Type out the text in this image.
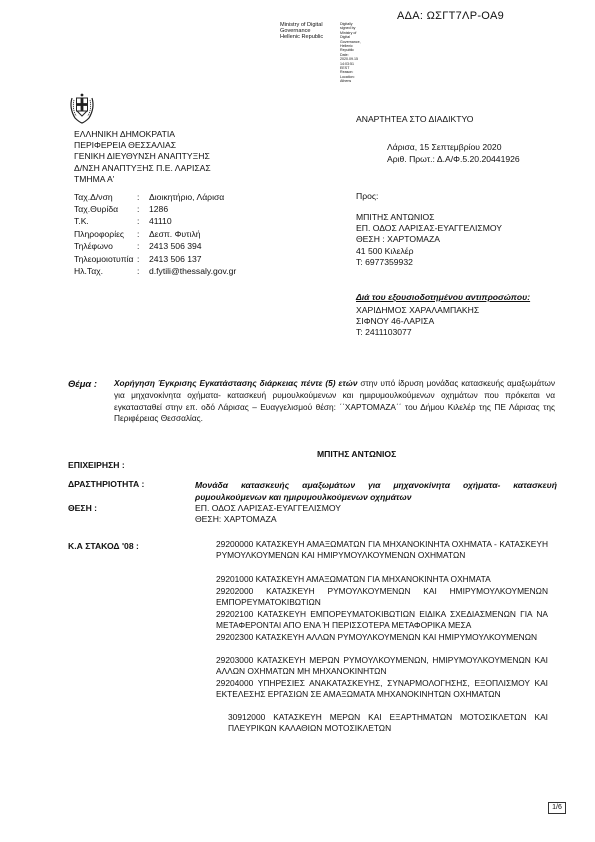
ΑΔΑ: ΩΣΓΤ7ΛΡ-ΟΑ9
Ministry of Digital
Governance
Hellenic Republic
Digitally signed by
Ministry of Digital
Governance,
Hellenic Republic
Date: 2020.09.15
14:03:51 EEST
Reason:
Location: Athens
ΑΝΑΡΤΗΤΕΑ ΣΤΟ ΔΙΑΔΙΚΤΥΟ
ΕΛΛΗΝΙΚΗ ΔΗΜΟΚΡΑΤΙΑ
ΠΕΡΙΦΕΡΕΙΑ ΘΕΣΣΑΛΙΑΣ
ΓΕΝΙΚΗ ΔΙΕΥΘΥΝΣΗ ΑΝΑΠΤΥΞΗΣ
Δ/ΝΣΗ ΑΝΑΠΤΥΞΗΣ Π.Ε. ΛΑΡΙΣΑΣ
ΤΜΗΜΑ Α'
Λάρισα, 15 Σεπτεμβρίου 2020
Αριθ. Πρωτ.: Δ.Α/Φ.5.20.20441926
Ταχ.Δ/νση	:	Διοικητήριο, Λάρισα
Ταχ.Θυρίδα	:	1286
Τ.Κ.	:	41110
Πληροφορίες	:	Δεσπ. Φυτιλή
Τηλέφωνο	:	2413 506 394
Τηλεομοιοτυπία :	2413 506 137
Ηλ.Ταχ.	:	d.fytili@thessaly.gov.gr
Προς:
ΜΠΙΤΗΣ ΑΝΤΩΝΙΟΣ
ΕΠ. ΟΔΟΣ ΛΑΡΙΣΑΣ-ΕΥΑΓΓΕΛΙΣΜΟΥ
ΘΕΣΗ : ΧΑΡΤΟΜΑΖΑ
41 500 Κιλελέρ
Τ: 6977359932
Διά του εξουσιοδοτημένου αντιπροσώπου:
ΧΑΡΙΔΗΜΟΣ ΧΑΡΑΛΑΜΠΑΚΗΣ
ΣΙΦΝΟΥ 46-ΛΑΡΙΣΑ
Τ: 2411103077
Θέμα : Χορήγηση Έγκρισης Εγκατάστασης διάρκειας πέντε (5) ετών στην υπό ίδρυση μονάδας κατασκευής αμαξωμάτων για μηχανοκίνητα οχήματα- κατασκευή ρυμουλκούμενων και ημιρυμουλκούμενων οχημάτων που πρόκειται να εγκατασταθεί στην επ. οδό Λάρισας – Ευαγγελισμού θέση: ΄΄ΧΑΡΤΟΜΑΖΑ΄΄ του Δήμου Κιλελέρ της ΠΕ Λάρισας της Περιφέρειας Θεσσαλίας.
ΜΠΙΤΗΣ ΑΝΤΩΝΙΟΣ
ΕΠΙΧΕΙΡΗΣΗ :
ΔΡΑΣΤΗΡΙΟΤΗΤΑ :	Μονάδα κατασκευής αμαξωμάτων για μηχανοκίνητα οχήματα- κατασκευή ρυμουλκούμενων και ημιρυμουλκούμενων οχημάτων
ΘΕΣΗ :	ΕΠ. ΟΔΟΣ ΛΑΡΙΣΑΣ-ΕΥΑΓΓΕΛΙΣΜΟΥ
ΘΕΣΗ: ΧΑΡΤΟΜΑΖΑ
Κ.Α ΣΤΑΚΟΔ '08 :	29200000 ΚΑΤΑΣΚΕΥΗ ΑΜΑΞΩΜΑΤΩΝ ΓΙΑ ΜΗΧΑΝΟΚΙΝΗΤΑ ΟΧΗΜΑΤΑ - ΚΑΤΑΣΚΕΥΗ ΡΥΜΟΥΛΚΟΥΜΕΝΩΝ ΚΑΙ ΗΜΙΡΥΜΟΥΛΚΟΥΜΕΝΩΝ ΟΧΗΜΑΤΩΝ
29201000 ΚΑΤΑΣΚΕΥΗ ΑΜΑΞΩΜΑΤΩΝ ΓΙΑ ΜΗΧΑΝΟΚΙΝΗΤΑ ΟΧΗΜΑΤΑ
29202000 ΚΑΤΑΣΚΕΥΗ ΡΥΜΟΥΛΚΟΥΜΕΝΩΝ ΚΑΙ ΗΜΙΡΥΜΟΥΛΚΟΥΜΕΝΩΝ ΕΜΠΟΡΕΥΜΑΤΟΚΙΒΩΤΙΩΝ
29202100 ΚΑΤΑΣΚΕΥΗ ΕΜΠΟΡΕΥΜΑΤΟΚΙΒΩΤΙΩΝ ΕΙΔΙΚΑ ΣΧΕΔΙΑΣΜΕΝΩΝ ΓΙΑ ΝΑ ΜΕΤΑΦΕΡΟΝΤΑΙ ΑΠΟ ΕΝΑ Ή ΠΕΡΙΣΣΟΤΕΡΑ ΜΕΤΑΦΟΡΙΚΑ ΜΕΣΑ
29202300 ΚΑΤΑΣΚΕΥΗ ΑΛΛΩΝ ΡΥΜΟΥΛΚΟΥΜΕΝΩΝ ΚΑΙ ΗΜΙΡΥΜΟΥΛΚΟΥΜΕΝΩΝ
29203000 ΚΑΤΑΣΚΕΥΗ ΜΕΡΩΝ ΡΥΜΟΥΛΚΟΥΜΕΝΩΝ, ΗΜΙΡΥΜΟΥΛΚΟΥΜΕΝΩΝ ΚΑΙ ΑΛΛΩΝ ΟΧΗΜΑΤΩΝ ΜΗ ΜΗΧΑΝΟΚΙΝΗΤΩΝ
29204000 ΥΠΗΡΕΣΙΕΣ ΑΝΑΚΑΤΑΣΚΕΥΗΣ, ΣΥΝΑΡΜΟΛΟΓΗΣΗΣ, ΕΞΟΠΛΙΣΜΟΥ ΚΑΙ ΕΚΤΕΛΕΣΗΣ ΕΡΓΑΣΙΩΝ ΣΕ ΑΜΑΞΩΜΑΤΑ ΜΗΧΑΝΟΚΙΝΗΤΩΝ ΟΧΗΜΑΤΩΝ
30912000 ΚΑΤΑΣΚΕΥΗ ΜΕΡΩΝ ΚΑΙ ΕΞΑΡΤΗΜΑΤΩΝ ΜΟΤΟΣΙΚΛΕΤΩΝ ΚΑΙ ΠΛΕΥΡΙΚΩΝ ΚΑΛΑΘΙΩΝ ΜΟΤΟΣΙΚΛΕΤΩΝ
1/6
